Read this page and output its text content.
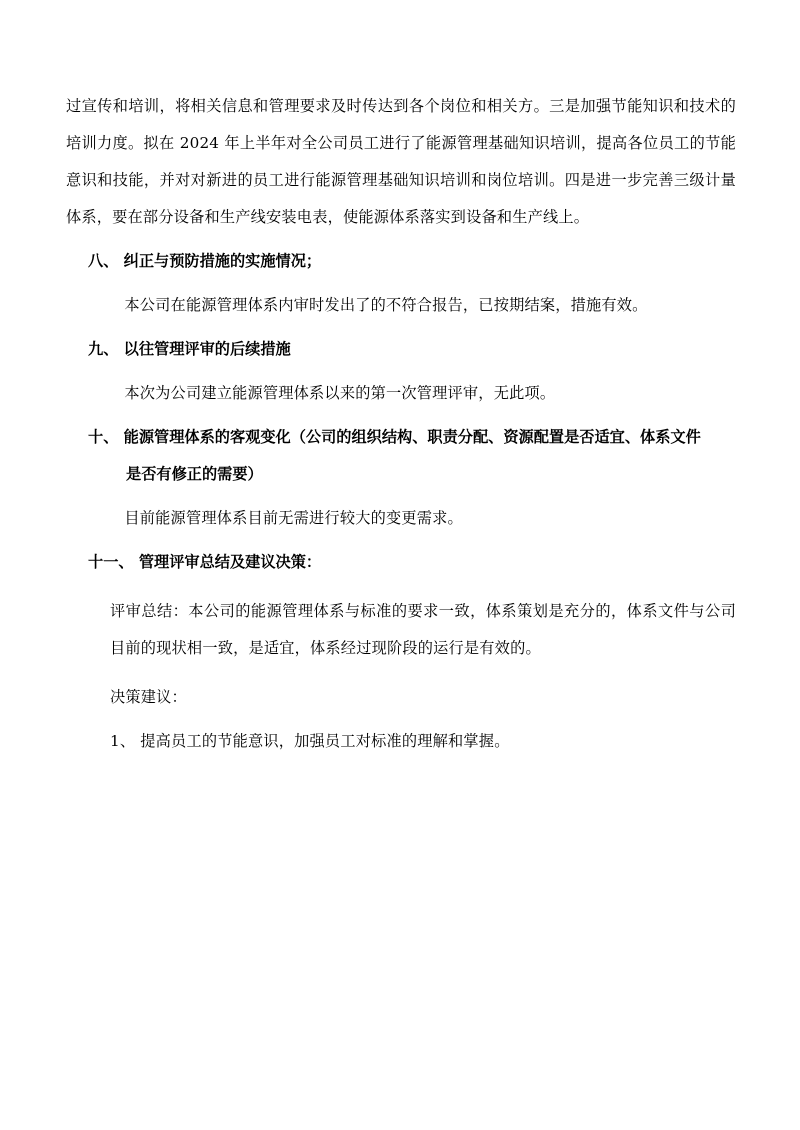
过宣传和培训，将相关信息和管理要求及时传达到各个岗位和相关方。三是加强节能知识和技术的培训力度。拟在 2024 年上半年对全公司员工进行了能源管理基础知识培训，提高各位员工的节能意识和技能，并对对新进的员工进行能源管理基础知识培训和岗位培训。四是进一步完善三级计量体系，要在部分设备和生产线安装电表，使能源体系落实到设备和生产线上。

八、 纠正与预防措施的实施情况；

本公司在能源管理体系内审时发出了的不符合报告，已按期结案，措施有效。

九、 以往管理评审的后续措施

本次为公司建立能源管理体系以来的第一次管理评审，无此项。

十、 能源管理体系的客观变化（公司的组织结构、职责分配、资源配置是否适宜、体系文件
是否有修正的需要）

目前能源管理体系目前无需进行较大的变更需求。

十一、 管理评审总结及建议决策：

评审总结：本公司的能源管理体系与标准的要求一致，体系策划是充分的，体系文件与公司目前的现状相一致，是适宜，体系经过现阶段的运行是有效的。

决策建议：

1、 提高员工的节能意识，加强员工对标准的理解和掌握。
